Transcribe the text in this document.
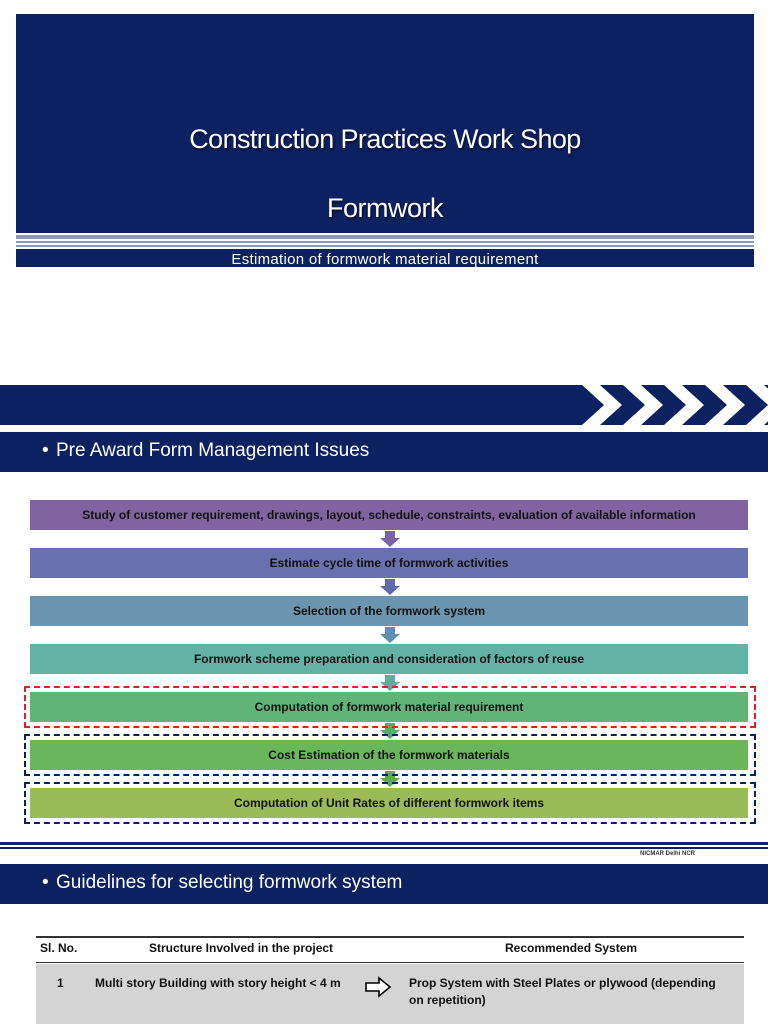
Construction Practices Work Shop
Formwork
Estimation of formwork material requirement
• Pre Award Form Management Issues
Study of customer requirement, drawings, layout, schedule, constraints, evaluation of available information
Estimate cycle time of formwork activities
Selection of the formwork system
Formwork scheme preparation and consideration of factors of reuse
Computation of formwork material requirement
Cost Estimation of the formwork materials
Computation of Unit Rates of different formwork items
NICMAR Delhi NCR
• Guidelines for selecting formwork system
Sl. No.	Structure Involved in the project	Recommended System
1	Multi story Building with story height < 4 m	Prop System with Steel Plates or plywood (depending on repetition)
